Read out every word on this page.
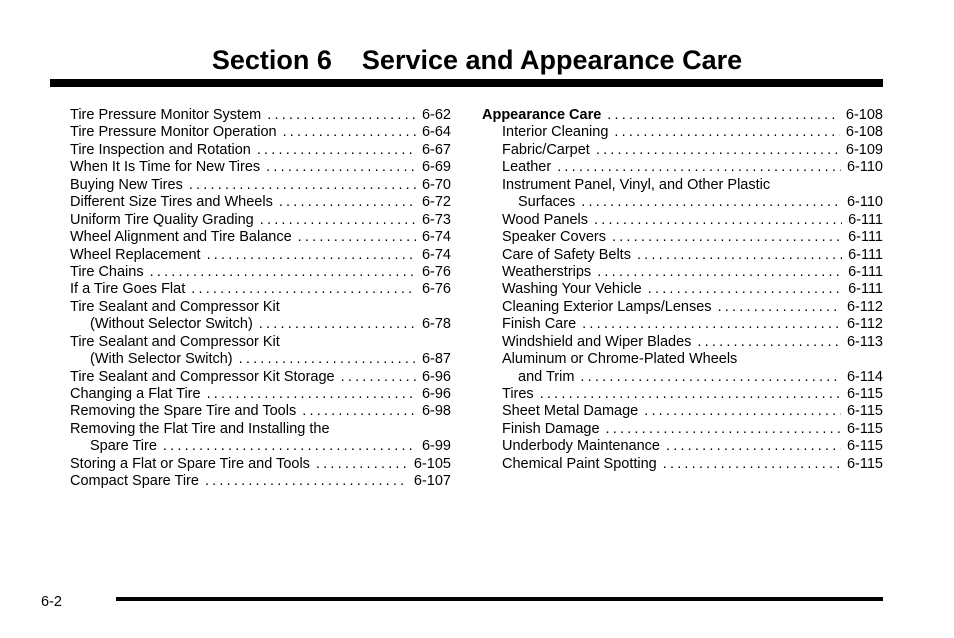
Section 6    Service and Appearance Care
Tire Pressure Monitor System .....	6-62
Tire Pressure Monitor Operation .....	6-64
Tire Inspection and Rotation .....	6-67
When It Is Time for New Tires .....	6-69
Buying New Tires .....	6-70
Different Size Tires and Wheels .....	6-72
Uniform Tire Quality Grading .....	6-73
Wheel Alignment and Tire Balance .....	6-74
Wheel Replacement .....	6-74
Tire Chains .....	6-76
If a Tire Goes Flat .....	6-76
Tire Sealant and Compressor Kit
(Without Selector Switch) .....	6-78
Tire Sealant and Compressor Kit
(With Selector Switch) .....	6-87
Tire Sealant and Compressor Kit Storage .....	6-96
Changing a Flat Tire .....	6-96
Removing the Spare Tire and Tools .....	6-98
Removing the Flat Tire and Installing the
Spare Tire .....	6-99
Storing a Flat or Spare Tire and Tools .....	6-105
Compact Spare Tire .....	6-107
Appearance Care .....	6-108
Interior Cleaning .....	6-108
Fabric/Carpet .....	6-109
Leather .....	6-110
Instrument Panel, Vinyl, and Other Plastic
Surfaces .....	6-110
Wood Panels .....	6-111
Speaker Covers .....	6-111
Care of Safety Belts .....	6-111
Weatherstrips .....	6-111
Washing Your Vehicle .....	6-111
Cleaning Exterior Lamps/Lenses .....	6-112
Finish Care .....	6-112
Windshield and Wiper Blades .....	6-113
Aluminum or Chrome-Plated Wheels
and Trim .....	6-114
Tires .....	6-115
Sheet Metal Damage .....	6-115
Finish Damage .....	6-115
Underbody Maintenance .....	6-115
Chemical Paint Spotting .....	6-115
6-2
